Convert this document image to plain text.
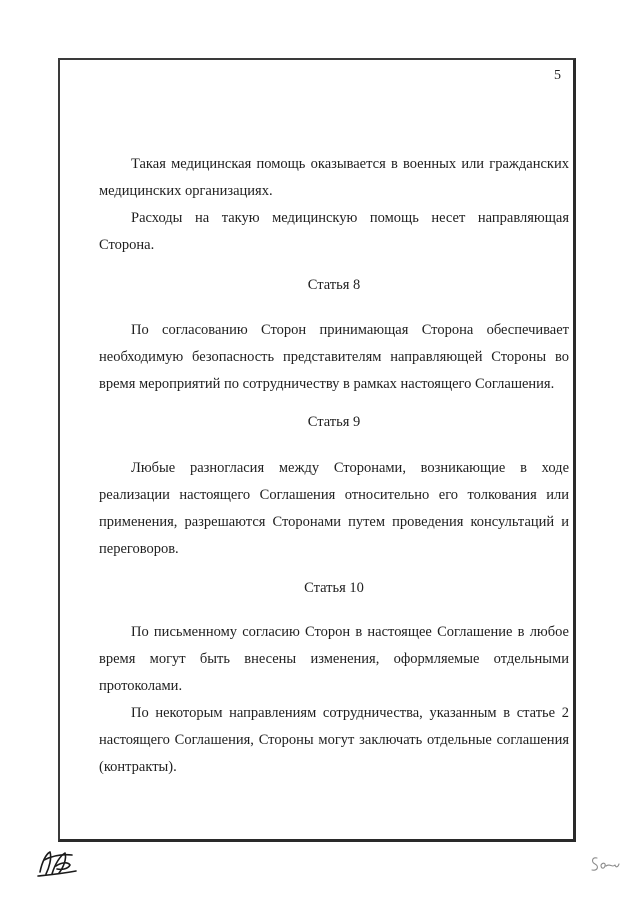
5

Такая медицинская помощь оказывается в военных или гражданских медицинских организациях.

Расходы на такую медицинскую помощь несет направляющая Сторона.

Статья 8

По согласованию Сторон принимающая Сторона обеспечивает необходимую безопасность представителям направляющей Стороны во время мероприятий по сотрудничеству в рамках настоящего Соглашения.

Статья 9

Любые разногласия между Сторонами, возникающие в ходе реализации настоящего Соглашения относительно его толкования или применения, разрешаются Сторонами путем проведения консультаций и переговоров.

Статья 10

По письменному согласию Сторон в настоящее Соглашение в любое время могут быть внесены изменения, оформляемые отдельными протоколами.

По некоторым направлениям сотрудничества, указанным в статье 2 настоящего Соглашения, Стороны могут заключать отдельные соглашения (контракты).
